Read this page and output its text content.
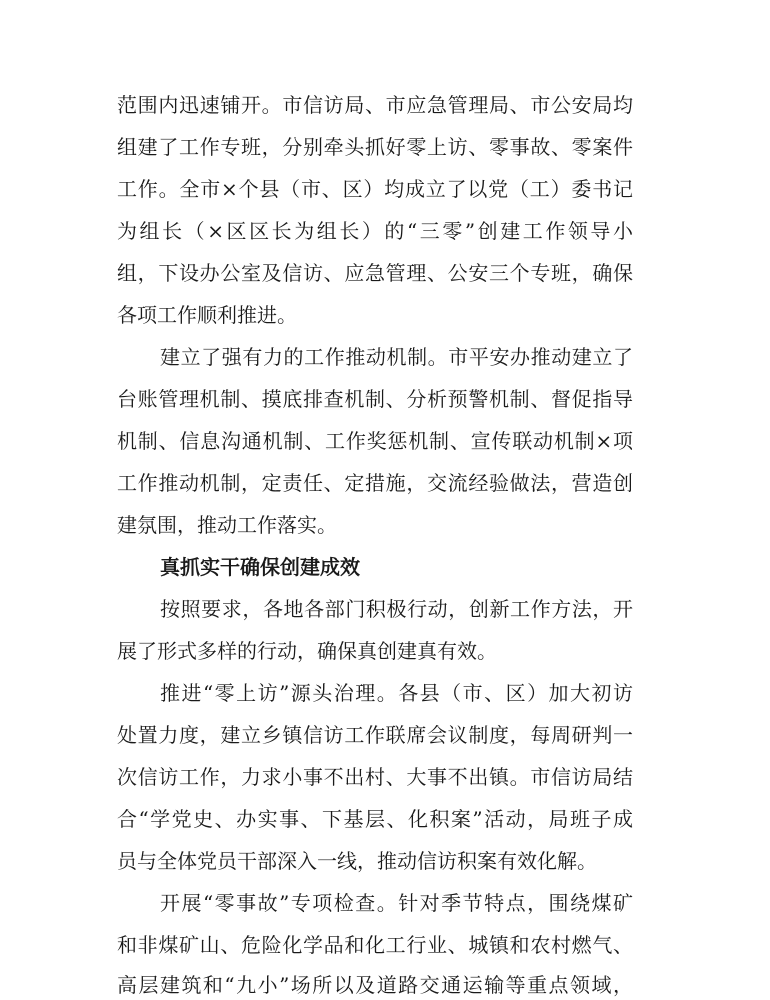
范围内迅速铺开。市信访局、市应急管理局、市公安局均
组建了工作专班，分别牵头抓好零上访、零事故、零案件
工作。全市×个县（市、区）均成立了以党（工）委书记
为组长（×区区长为组长）的“三零”创建工作领导小
组，下设办公室及信访、应急管理、公安三个专班，确保
各项工作顺利推进。
建立了强有力的工作推动机制。市平安办推动建立了
台账管理机制、摸底排查机制、分析预警机制、督促指导
机制、信息沟通机制、工作奖惩机制、宣传联动机制×项
工作推动机制，定责任、定措施，交流经验做法，营造创
建氛围，推动工作落实。
真抓实干确保创建成效
按照要求，各地各部门积极行动，创新工作方法，开
展了形式多样的行动，确保真创建真有效。
推进“零上访”源头治理。各县（市、区）加大初访
处置力度，建立乡镇信访工作联席会议制度，每周研判一
次信访工作，力求小事不出村、大事不出镇。市信访局结
合“学党史、办实事、下基层、化积案”活动，局班子成
员与全体党员干部深入一线，推动信访积案有效化解。
开展“零事故”专项检查。针对季节特点，围绕煤矿
和非煤矿山、危险化学品和化工行业、城镇和农村燃气、
高层建筑和“九小”场所以及道路交通运输等重点领域，
